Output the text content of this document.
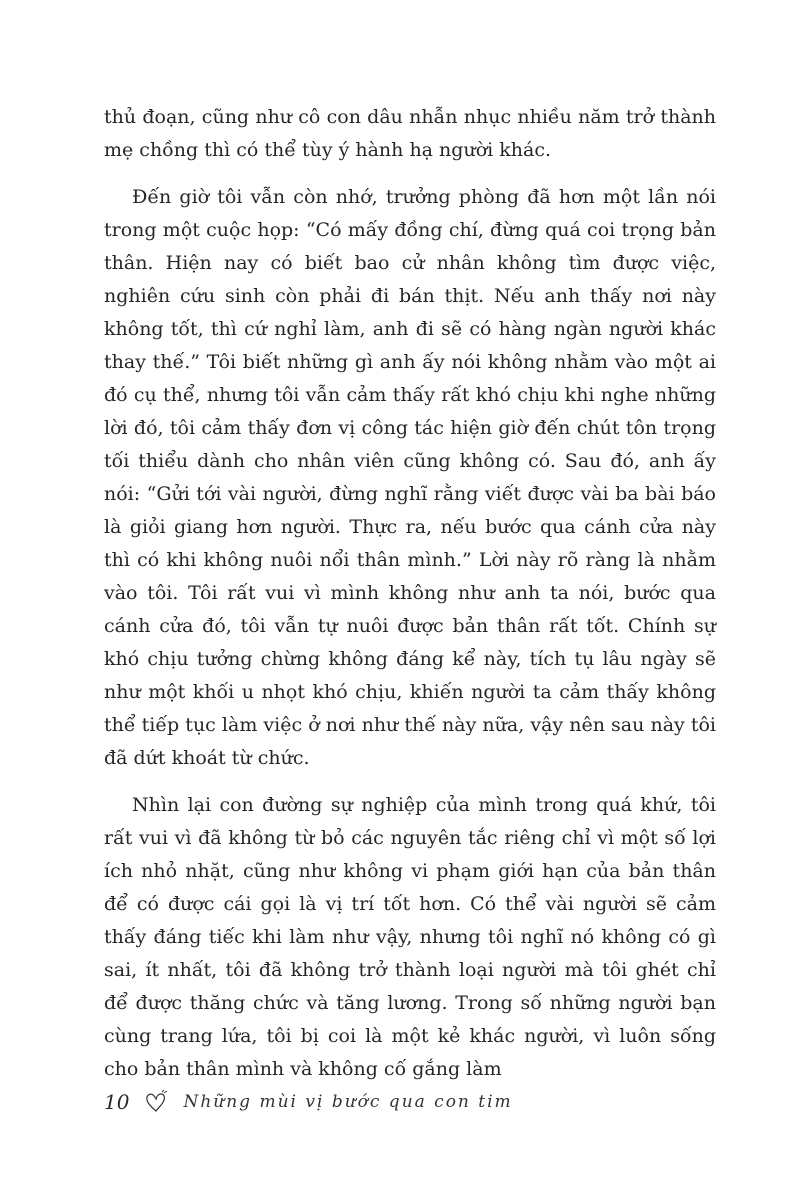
thủ đoạn, cũng như cô con dâu nhẫn nhục nhiều năm trở thành mẹ chồng thì có thể tùy ý hành hạ người khác.

Đến giờ tôi vẫn còn nhớ, trưởng phòng đã hơn một lần nói trong một cuộc họp: “Có mấy đồng chí, đừng quá coi trọng bản thân. Hiện nay có biết bao cử nhân không tìm được việc, nghiên cứu sinh còn phải đi bán thịt. Nếu anh thấy nơi này không tốt, thì cứ nghỉ làm, anh đi sẽ có hàng ngàn người khác thay thế.” Tôi biết những gì anh ấy nói không nhằm vào một ai đó cụ thể, nhưng tôi vẫn cảm thấy rất khó chịu khi nghe những lời đó, tôi cảm thấy đơn vị công tác hiện giờ đến chút tôn trọng tối thiểu dành cho nhân viên cũng không có. Sau đó, anh ấy nói: “Gửi tới vài người, đừng nghĩ rằng viết được vài ba bài báo là giỏi giang hơn người. Thực ra, nếu bước qua cánh cửa này thì có khi không nuôi nổi thân mình.” Lời này rõ ràng là nhằm vào tôi. Tôi rất vui vì mình không như anh ta nói, bước qua cánh cửa đó, tôi vẫn tự nuôi được bản thân rất tốt. Chính sự khó chịu tưởng chừng không đáng kể này, tích tụ lâu ngày sẽ như một khối u nhọt khó chịu, khiến người ta cảm thấy không thể tiếp tục làm việc ở nơi như thế này nữa, vậy nên sau này tôi đã dứt khoát từ chức.

Nhìn lại con đường sự nghiệp của mình trong quá khứ, tôi rất vui vì đã không từ bỏ các nguyên tắc riêng chỉ vì một số lợi ích nhỏ nhặt, cũng như không vi phạm giới hạn của bản thân để có được cái gọi là vị trí tốt hơn. Có thể vài người sẽ cảm thấy đáng tiếc khi làm như vậy, nhưng tôi nghĩ nó không có gì sai, ít nhất, tôi đã không trở thành loại người mà tôi ghét chỉ để được thăng chức và tăng lương. Trong số những người bạn cùng trang lứa, tôi bị coi là một kẻ khác người, vì luôn sống cho bản thân mình và không cố gắng làm

10	Những mùi vị bước qua con tim
